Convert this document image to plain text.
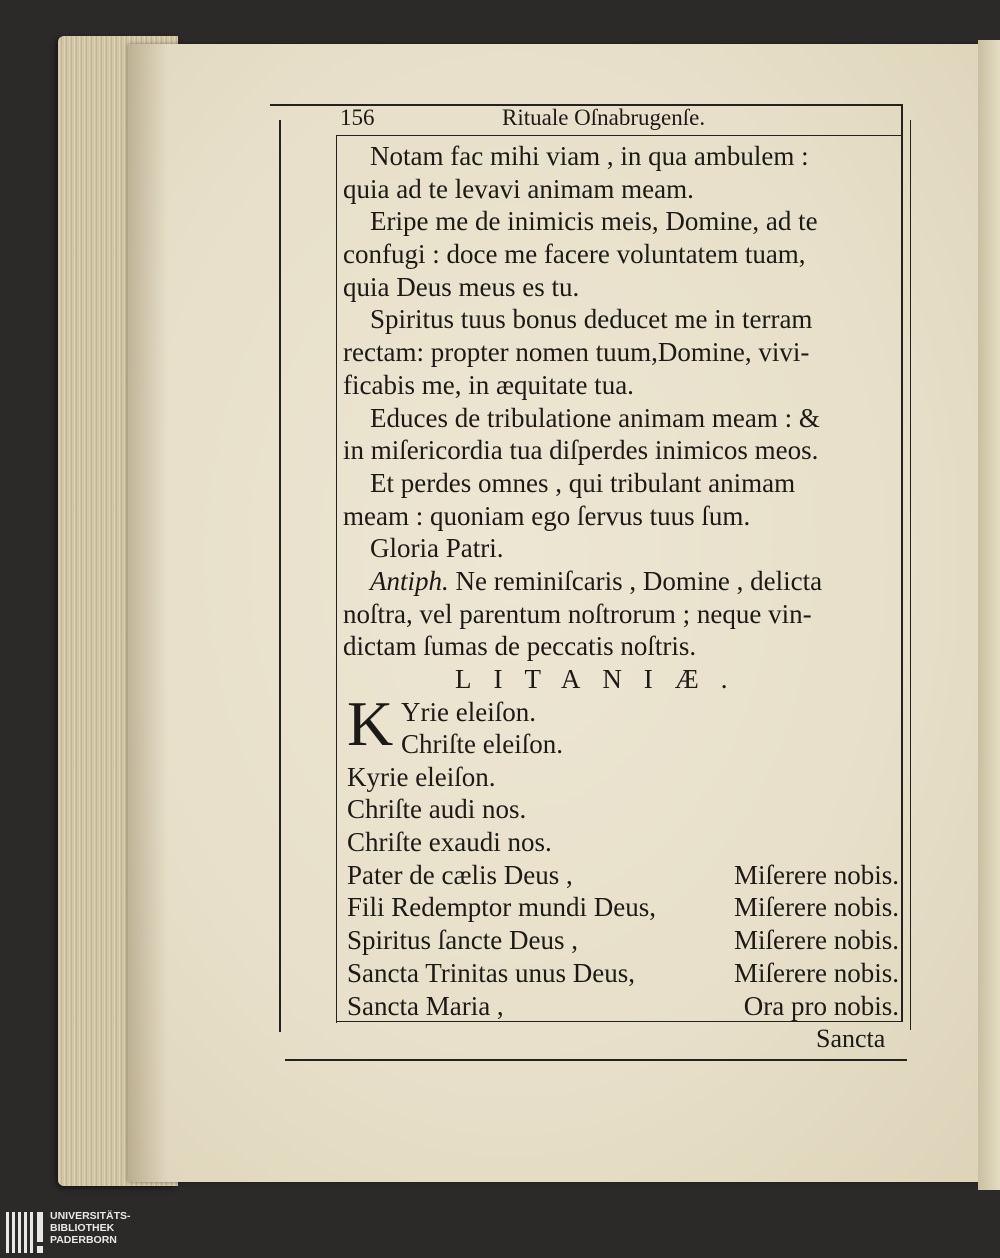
156	Rituale Oſnabrugenſe.
Notam fac mihi viam , in qua ambulem :
quia ad te levavi animam meam.
Eripe me de inimicis meis, Domine, ad te
confugi : doce me facere voluntatem tuam,
quia Deus meus es tu.
Spiritus tuus bonus deducet me in terram
rectam: propter nomen tuum,Domine, vivi-
ficabis me, in æquitate tua.
Educes de tribulatione animam meam : &
in miſericordia tua diſperdes inimicos meos.
Et perdes omnes , qui tribulant animam
meam : quoniam ego ſervus tuus ſum.
Gloria Patri.
Antiph.
Ne reminiſcaris , Domine , delicta
noſtra, vel parentum noſtrorum ; neque vin-
dictam ſumas de peccatis noſtris.
LITANIÆ.
K Yrie eleiſon.
Chriſte eleiſon.
Kyrie eleiſon.
Chriſte audi nos.
Chriſte exaudi nos.
Pater de cælis Deus ,	Miſerere nobis.
Fili Redemptor mundi Deus,	Miſerere nobis.
Spiritus ſancte Deus ,	Miſerere nobis.
Sancta Trinitas unus Deus,	Miſerere nobis.
Sancta Maria ,	Ora pro nobis.
Sancta
UNIVERSITÄTS-
BIBLIOTHEK
PADERBORN
